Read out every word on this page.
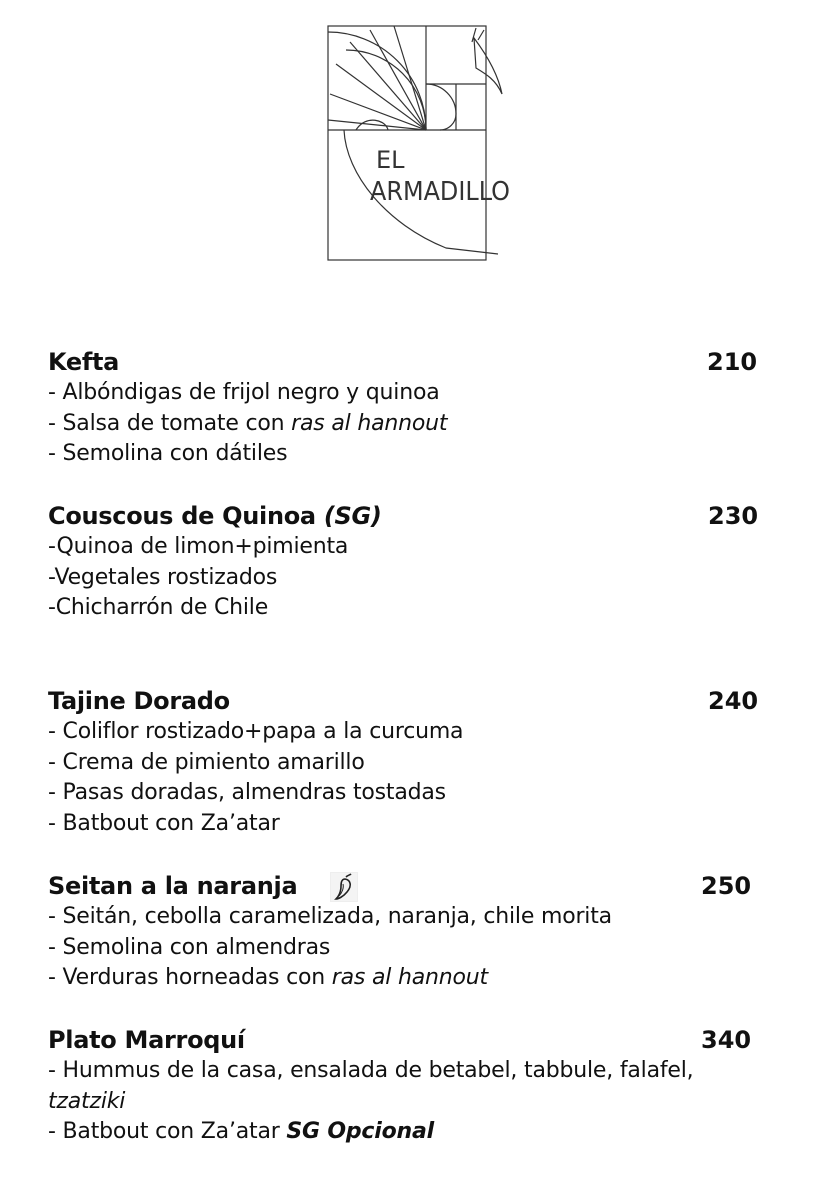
EL
ARMADILLO
Kefta	210
- Albóndigas de frijol negro y quinoa
- Salsa de tomate con ras al hannout
- Semolina con dátiles
Couscous de Quinoa (SG)	230
-Quinoa de limon+pimienta
-Vegetales rostizados
-Chicharrón de Chile
Tajine Dorado	240
- Coliflor rostizado+papa a la curcuma
- Crema de pimiento amarillo
- Pasas doradas, almendras tostadas
- Batbout con Za’atar
Seitan a la naranja	250
- Seitán, cebolla caramelizada, naranja, chile morita
- Semolina con almendras
- Verduras horneadas con ras al hannout
Plato Marroquí	340
- Hummus de la casa, ensalada de betabel, tabbule, falafel,
tzatziki
- Batbout con Za’atar SG Opcional
